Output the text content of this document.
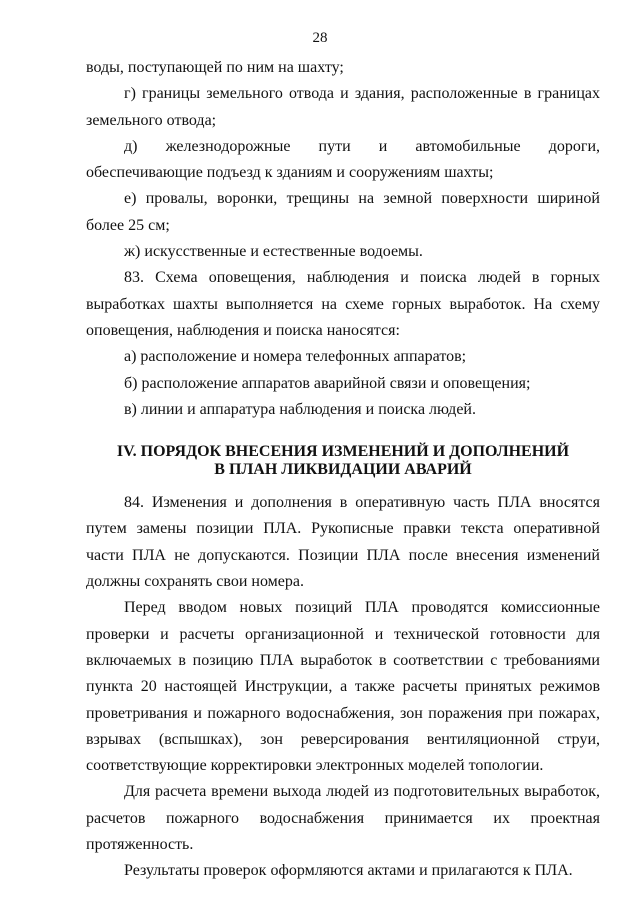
28

воды, поступающей по ним на шахту;

г) границы земельного отвода и здания, расположенные в границах земельного отвода;

д) железнодорожные пути и автомобильные дороги, обеспечивающие подъезд к зданиям и сооружениям шахты;

е) провалы, воронки, трещины на земной поверхности шириной более 25 см;

ж) искусственные и естественные водоемы.

83. Схема оповещения, наблюдения и поиска людей в горных выработках шахты выполняется на схеме горных выработок. На схему оповещения, наблюдения и поиска наносятся:

а) расположение и номера телефонных аппаратов;

б) расположение аппаратов аварийной связи и оповещения;

в) линии и аппаратура наблюдения и поиска людей.

IV. ПОРЯДОК ВНЕСЕНИЯ ИЗМЕНЕНИЙ И ДОПОЛНЕНИЙ
В ПЛАН ЛИКВИДАЦИИ АВАРИЙ

84. Изменения и дополнения в оперативную часть ПЛА вносятся путем замены позиции ПЛА. Рукописные правки текста оперативной части ПЛА не допускаются. Позиции ПЛА после внесения изменений должны сохранять свои номера.

Перед вводом новых позиций ПЛА проводятся комиссионные проверки и расчеты организационной и технической готовности для включаемых в позицию ПЛА выработок в соответствии с требованиями пункта 20 настоящей Инструкции, а также расчеты принятых режимов проветривания и пожарного водоснабжения, зон поражения при пожарах, взрывах (вспышках), зон реверсирования вентиляционной струи, соответствующие корректировки электронных моделей топологии.

Для расчета времени выхода людей из подготовительных выработок, расчетов пожарного водоснабжения принимается их проектная протяженность.

Результаты проверок оформляются актами и прилагаются к ПЛА.
